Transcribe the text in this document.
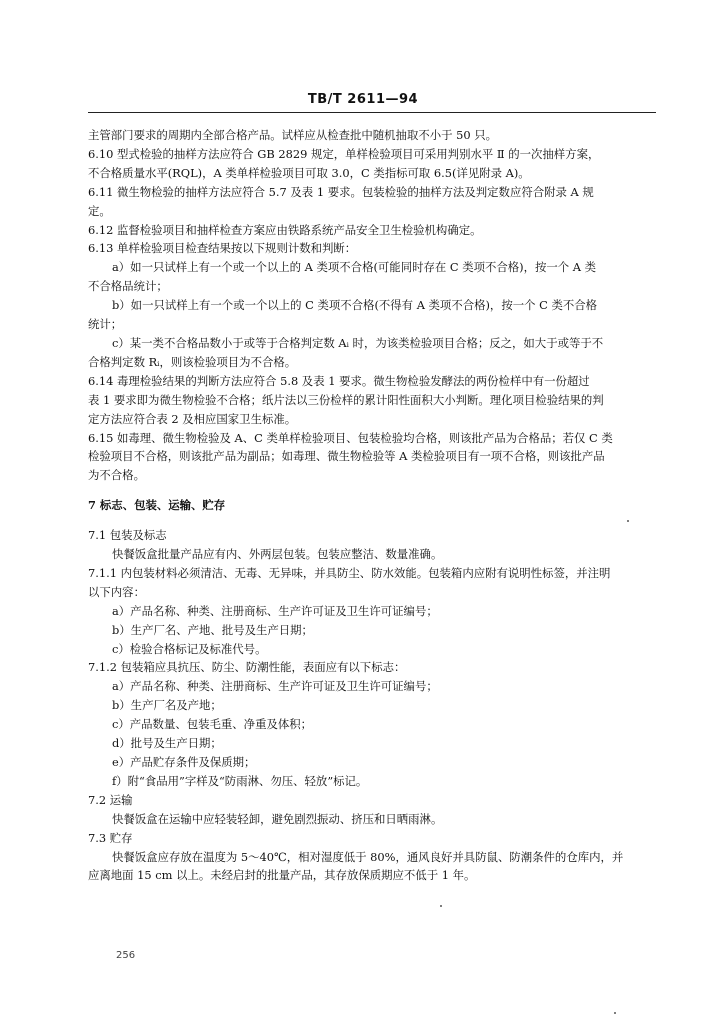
TB/T 2611—94
主管部门要求的周期内全部合格产品。试样应从检查批中随机抽取不小于 50 只。
6.10 型式检验的抽样方法应符合 GB 2829 规定，单样检验项目可采用判别水平 Ⅱ 的一次抽样方案，
不合格质量水平(RQL)，A 类单样检验项目可取 3.0，C 类指标可取 6.5(详见附录 A)。
6.11 微生物检验的抽样方法应符合 5.7 及表 1 要求。包装检验的抽样方法及判定数应符合附录 A 规
定。
6.12 监督检验项目和抽样检查方案应由铁路系统产品安全卫生检验机构确定。
6.13 单样检验项目检查结果按以下规则计数和判断：
a）如一只试样上有一个或一个以上的 A 类项不合格(可能同时存在 C 类项不合格)，按一个 A 类
不合格品统计；
b）如一只试样上有一个或一个以上的 C 类项不合格(不得有 A 类项不合格)，按一个 C 类不合格
统计；
c）某一类不合格品数小于或等于合格判定数 Aᵢ 时，为该类检验项目合格；反之，如大于或等于不
合格判定数 Rᵢ，则该检验项目为不合格。
6.14 毒理检验结果的判断方法应符合 5.8 及表 1 要求。微生物检验发酵法的两份检样中有一份超过
表 1 要求即为微生物检验不合格；纸片法以三份检样的累计阳性面积大小判断。理化项目检验结果的判
定方法应符合表 2 及相应国家卫生标准。
6.15 如毒理、微生物检验及 A、C 类单样检验项目、包装检验均合格，则该批产品为合格品；若仅 C 类
检验项目不合格，则该批产品为副品；如毒理、微生物检验等 A 类检验项目有一项不合格，则该批产品
为不合格。
7 标志、包装、运输、贮存
7.1 包装及标志
快餐饭盒批量产品应有内、外两层包装。包装应整洁、数量准确。
7.1.1 内包装材料必须清洁、无毒、无异味，并具防尘、防水效能。包装箱内应附有说明性标签，并注明
以下内容：
a）产品名称、种类、注册商标、生产许可证及卫生许可证编号；
b）生产厂名、产地、批号及生产日期；
c）检验合格标记及标准代号。
7.1.2 包装箱应具抗压、防尘、防潮性能，表面应有以下标志：
a）产品名称、种类、注册商标、生产许可证及卫生许可证编号；
b）生产厂名及产地；
c）产品数量、包装毛重、净重及体积；
d）批号及生产日期；
e）产品贮存条件及保质期；
f）附“食品用”字样及“防雨淋、勿压、轻放”标记。
7.2 运输
快餐饭盒在运输中应轻装轻卸，避免剧烈振动、挤压和日晒雨淋。
7.3 贮存
快餐饭盒应存放在温度为 5～40℃，相对湿度低于 80%，通风良好并具防鼠、防潮条件的仓库内，并
应离地面 15 cm 以上。未经启封的批量产品，其存放保质期应不低于 1 年。
256
